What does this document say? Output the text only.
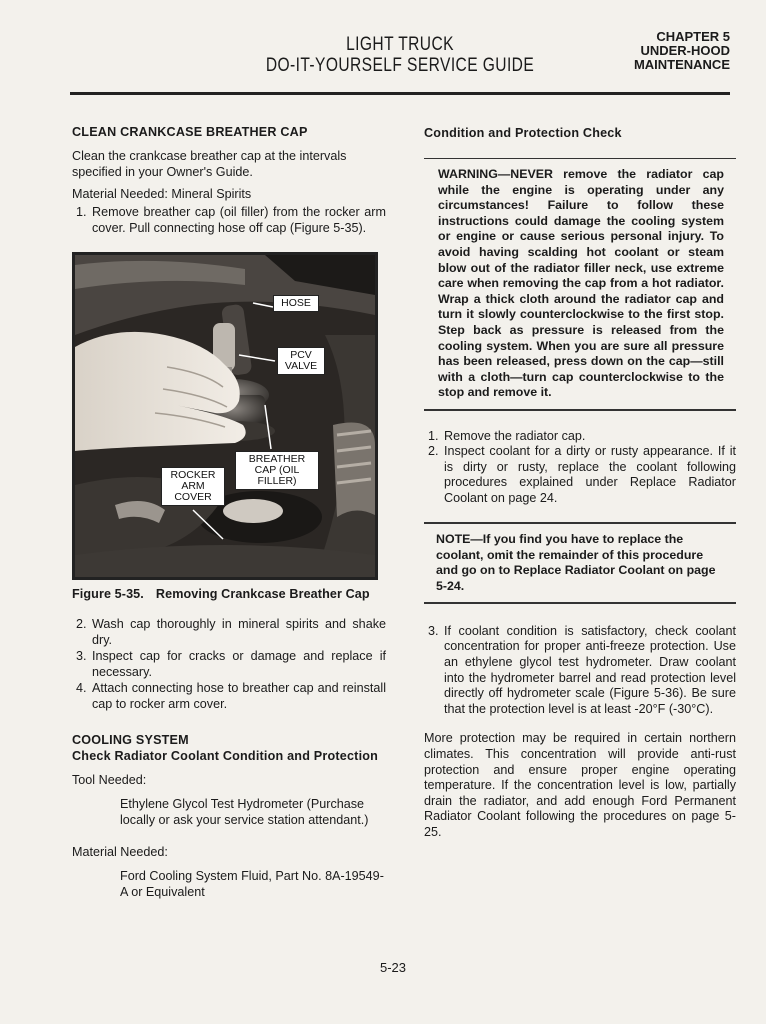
LIGHT TRUCK
DO-IT-YOURSELF SERVICE GUIDE
CHAPTER 5
UNDER-HOOD
MAINTENANCE
CLEAN CRANKCASE BREATHER CAP

Clean the crankcase breather cap at the intervals specified in your Owner's Guide.

Material Needed: Mineral Spirits

1. Remove breather cap (oil filler) from the rocker arm cover. Pull connecting hose off cap (Figure 5-35).
HOSE
PCV VALVE
BREATHER CAP (OIL FILLER)
ROCKER ARM COVER
Figure 5-35. Removing Crankcase Breather Cap
2. Wash cap thoroughly in mineral spirits and shake dry.
3. Inspect cap for cracks or damage and replace if necessary.
4. Attach connecting hose to breather cap and reinstall cap to rocker arm cover.
COOLING SYSTEM
Check Radiator Coolant Condition and Protection

Tool Needed:

Ethylene Glycol Test Hydrometer (Purchase locally or ask your service station attendant.)

Material Needed:

Ford Cooling System Fluid, Part No. 8A-19549-A or Equivalent

Condition and Protection Check
WARNING—NEVER remove the radiator cap while the engine is operating under any circumstances! Failure to follow these instructions could damage the cooling system or engine or cause serious personal injury. To avoid having scalding hot coolant or steam blow out of the radiator filler neck, use extreme care when removing the cap from a hot radiator. Wrap a thick cloth around the radiator cap and turn it slowly counterclockwise to the first stop. Step back as pressure is released from the cooling system. When you are sure all pressure has been released, press down on the cap—still with a cloth—turn cap counterclockwise to the stop and remove it.
1. Remove the radiator cap.
2. Inspect coolant for a dirty or rusty appearance. If it is dirty or rusty, replace the coolant following procedures explained under Replace Radiator Coolant on page 24.
NOTE—If you find you have to replace the coolant, omit the remainder of this procedure and go on to Replace Radiator Coolant on page 5-24.
3. If coolant condition is satisfactory, check coolant concentration for proper anti-freeze protection. Use an ethylene glycol test hydrometer. Draw coolant into the hydrometer barrel and read protection level directly off hydrometer scale (Figure 5-36). Be sure that the protection level is at least -20°F (-30°C).

More protection may be required in certain northern climates. This concentration will provide anti-rust protection and ensure proper engine operating temperature. If the concentration level is low, partially drain the radiator, and add enough Ford Permanent Radiator Coolant following the procedures on page 5-25.

5-23
